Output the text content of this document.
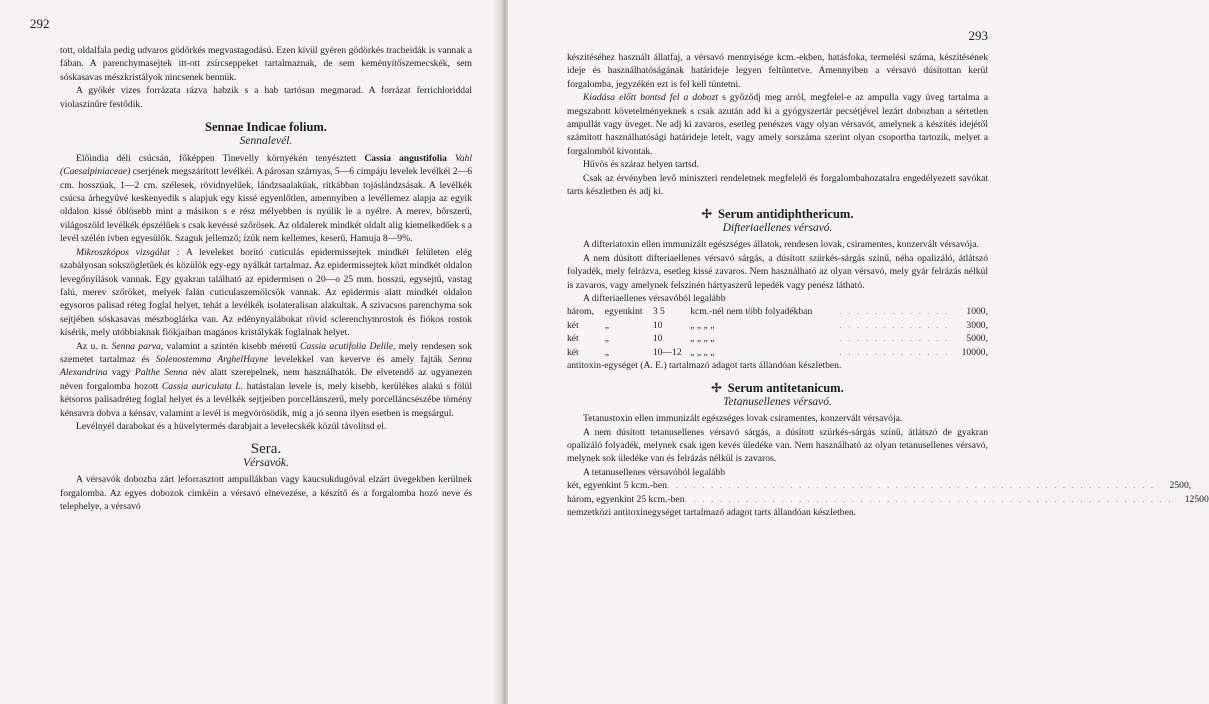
292

tott, oldalfala pedig udvaros gödörkés megvastagodású. Ezen kívül gyéren gödörkés tracheidák is vannak a fában. A parenchymasejtek itt-ott zsírcseppeket tartalmaznak, de sem keményítőszemecskék, sem sóskasavas mészkristályok nincsenek bennük.

A gyökér vizes forrázata rázva habzik s a hab tartósan megmarad. A forrázat ferrichloriddal violaszínűre festődik.

Sennae Indicae folium.
Sennalevél.

Előindia déli csúcsán, főképpen Tinevelly környékén tenyésztett Cassia angustifolia Vahl (Caesalpiniaceae) cserjének megszárított levélkéi. A párosan szárnyas, 5—6 cimpáju levelek levélkéi 2—6 cm. hosszúak, 1—2 cm. szélesek, rövidnyelűek, lándzsaalakúak, ritkábban tojáslándzsásak. A levélkék csúcsa árhegyűvé keskenyedik s alapjuk egy kissé egyenlőtlen, amennyiben a levéllemez alapja az egyik oldalon kissé öblösebb mint a másikon s e rész mélyebben is nyúlik le a nyélre. A merev, bőrszerű, világoszöld levélkék épszélűek s csak kevéssé szőrösek. Az oldalerek mindkét oldalt alig kiemelkedőek s a levél szélén ívben egyesülők. Szaguk jellemző; ízük nem kellemes, keserű. Hamuja 8—9%.

Mikroszkópos vizsgálat : A leveleket borító cuticulás epidermissejtek mindkét felületen elég szabályosan sokszögletűek és közülök egy-egy nyálkát tartalmaz. Az epidermissejtek közt mindkét oldalon levegőnyílások vannak. Egy gyakran található az epidermisen o 20—o 25 mm. hosszú, egysejtű, vastag falú, merev szőröket, melyek falán cuticulaszemölcsök vannak. Az epidermis alatt mindkét oldalon egysoros palisad réteg foglal helyet, tehát a levélkék isolateralisan alakultak. A szivacsos parenchyma sok sejtjében sóskasavas mészboglárka van. Az edénynyalábokat rövid sclerenchymrostok és fiókos rostok kísérik, mely utóbbiaknak fiókjaiban magános kristálykák foglalnak helyet.

Az u. n. Senna parva, valamint a szintén kisebb méretű Cassia acutifolia Delile, mely rendesen sok szemetet tartalmaz és Solenostemma ArghelHayne levelekkel van keverve és amely fajták Senna Alexandrina vagy Palthe Senna név alatt szerepelnek, nem használhatók. De elvetendő az ugyanezen néven forgalomba hozott Cassia auriculata L. hatástalan levele is, mely kisebb, kerülékes alakú s fölül kétsoros palisadréteg foglal helyet és a levélkék sejtjeiben porcellánszerű, mely porcelláncsészébe tömény kénsavra dobva a kénsav, valamint a levél is megvörösödik, míg a jó senna ilyen esetben is megsárgul.

Levélnyél darabokat és a hüvelytermés darabjait a levelecskék közül távolítsd el.

Sera.
Vérsavók.

A vérsavók dobozba zárt leforrasztott ampullákban vagy kaucsukdugóval elzárt üvegekben kerülnek forgalomba. Az egyes dobozok cimkéin a vérsavó elnevezése, a készítő és a forgalomba hozó neve és telephelye, a vérsavó

293

készítéséhez használt állatfaj, a vérsavó mennyisége kcm.-ekben, hatásfoka, termelési száma, készítésének ideje és használhatóságának határideje legyen feltüntetve. Amennyiben a vérsavó dúsítottan kerül forgalomba, jegyzékén ezt is fel kell tüntetni.

Kiadása előtt bontsd fel a dobozt s győződj meg arról, megfelel-e az ampulla vagy üveg tartalma a megszabott követelményeknek s csak azután add ki a gyógyszertár pecsétjével lezárt dobozban a sértetlen ampullát vagy üveget. Ne adj ki zavaros, esetleg penészes vagy olyan vérsavót, amelynek a készítés idejétől számított használhatósági határideje letelt, vagy amely sorszáma szerint olyan csoportba tartozik, melyet a forgalomból kivontak.

Hűvös és száraz helyen tartsd.

Csak az érvényben levő miniszteri rendeletnek megfelelő és forgalombahozatalra engedélyezett savókat tarts készletben és adj ki.

✢ Serum antidiphthericum.
Difteriaellenes vérsavó.

A difteriatoxin ellen immunizált egészséges állatok, rendesen lovak, csiramentes, konzervált vérsavója.

A nem dúsított difteriaellenes vérsavó sárgás, a dúsított szürkés-sárgás színű, néha opalizáló, átlátszó folyadék, mely felrázva, esetleg kissé zavaros. Nem használható az olyan vérsavó, mely gyár felrázás nélkül is zavaros, vagy amelynek felszínén hártyaszerű lepedék vagy penész látható.

A difteriaellenes vérsavóból legalább

három,	egyenkint	3 5	kcm.-nél nem több folyadékban	. . . . . . . . . . . . .	1000,
két	„	10	„ „ „ „	. . . . . . . . . . . . .	3000,
két	„	10	„ „ „ „	. . . . . . . . . . . . .	5000,
két	„	10—12	„ „ „ „	. . . . . . . . . . . . .	10000,

antitoxin-egységet (A. E.) tartalmazó adagot tarts állandóan készletben.

✢ Serum antitetanicum.
Tetanusellenes vérsavó.

Tetanustoxin ellen immunizált egészséges lovak csiramentes, konzervált vérsavója.

A nem dúsított tetanusellenes vérsavó sárgás, a dúsított szürkés-sárgás színű, átlátszó de gyakran opalizáló folyadék, melynek csak igen kevés üledéke van. Nem használható az olyan tetanusellenes vérsavó, melynek sok üledéke van és felrázás nélkül is zavaros.

A tetanusellenes vérsavóból legalább

két, egyenkint 5 kcm.-ben . . . . . . . . . . . . . . . . . . . . . . . . . . . . . . . . . . . . . . . . . . . . . . . . . . . . . . . .	2500,
három, egyenkint 25 kcm.-ben . . . . . . . . . . . . . . . . . . . . . . . . . . . . . . . . . . . . . . . . . . . . . . . . . . . . . . . .	12500

nemzetközi antitoxinegységet tartalmazó adagot tarts állandóan készletben.
